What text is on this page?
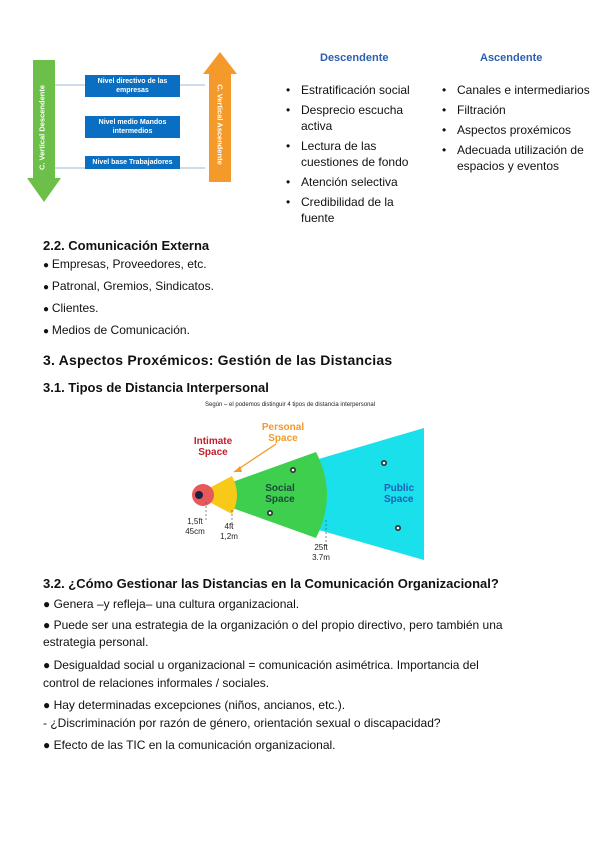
C. Vertical Descendente	C. Vertical Ascendente
Nivel directivo de las empresas
Nivel medio Mandos intermedios
Nivel base Trabajadores
Descendente
• Estratificación social
• Desprecio escucha activa
• Lectura de las cuestiones de fondo
• Atención selectiva
• Credibilidad de la fuente
Ascendente
• Canales e intermediarios
• Filtración
• Aspectos proxémicos
• Adecuada utilización de espacios y eventos
2.2. Comunicación Externa
● Empresas, Proveedores, etc.
● Patronal, Gremios, Sindicatos.
● Clientes.
● Medios de Comunicación.
3. Aspectos Proxémicos: Gestión de las Distancias
3.1. Tipos de Distancia Interpersonal
Según – el podemos distinguir 4 tipos de distancia interpersonal
Intimate Space
Personal Space
Social Space
Public Space
1,5ft 45cm
4ft 1,2m
25ft 3.7m
3.2. ¿Cómo Gestionar las Distancias en la Comunicación Organizacional?
● Genera –y refleja– una cultura organizacional.
● Puede ser una estrategia de la organización o del propio directivo, pero también una
estrategia personal.
● Desigualdad social u organizacional = comunicación asimétrica. Importancia del
control de relaciones informales / sociales.
● Hay determinadas excepciones (niños, ancianos, etc.).
- ¿Discriminación por razón de género, orientación sexual o discapacidad?
● Efecto de las TIC en la comunicación organizacional.
